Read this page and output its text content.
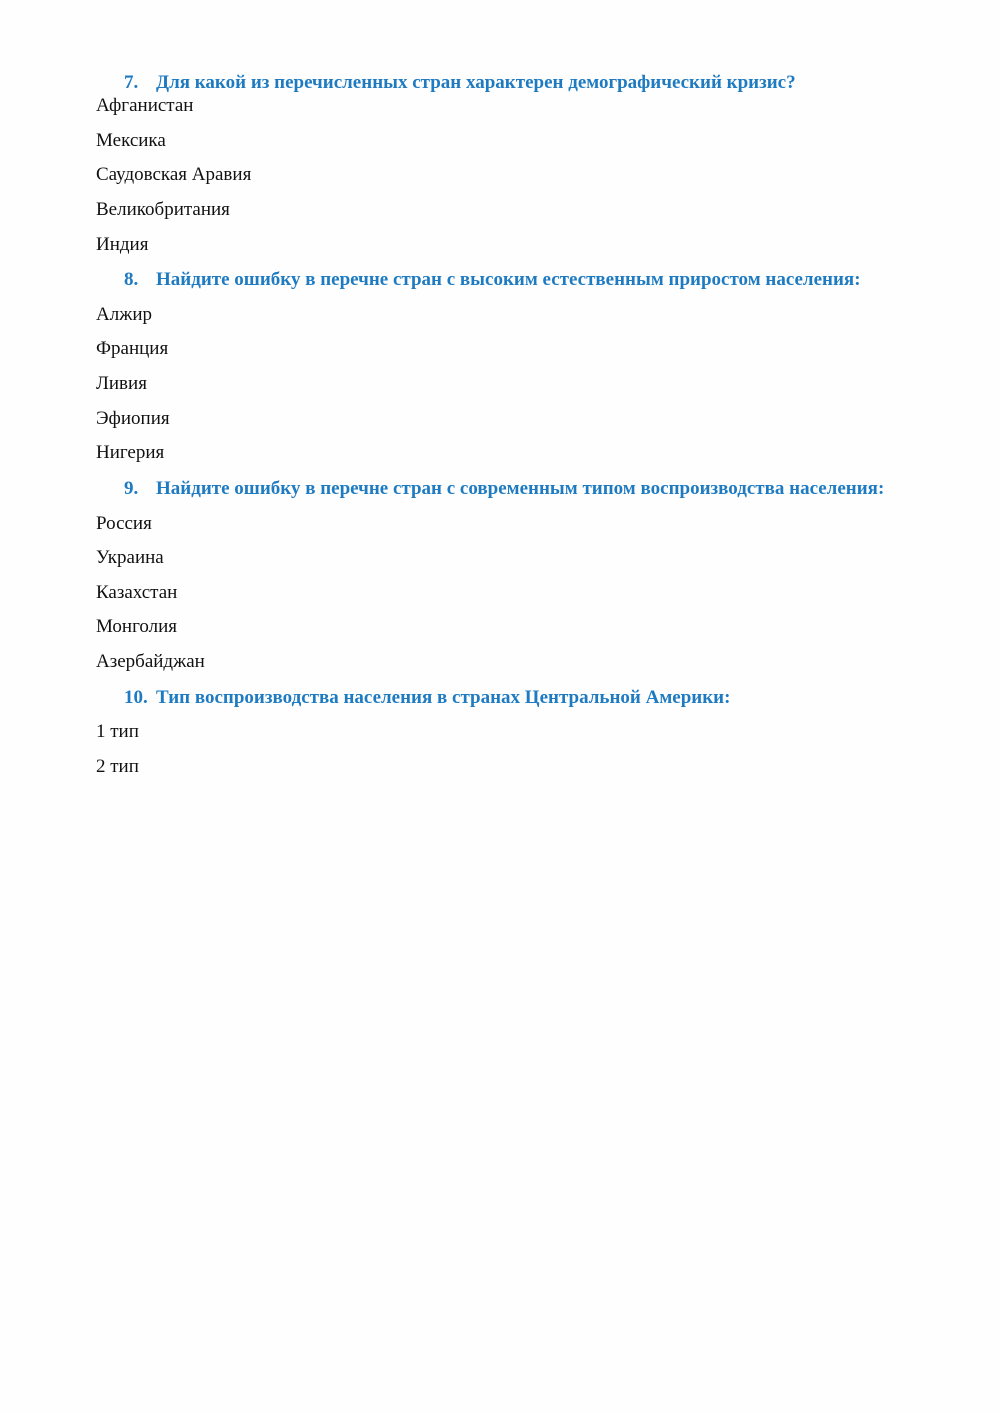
7. Для какой из перечисленных стран характерен демографический кризис?
Афганистан
Мексика
Саудовская Аравия
Великобритания
Индия
8. Найдите ошибку в перечне стран с высоким естественным приростом населения:
Алжир
Франция
Ливия
Эфиопия
Нигерия
9. Найдите ошибку в перечне стран с современным типом воспроизводства населения:
Россия
Украина
Казахстан
Монголия
Азербайджан
10. Тип воспроизводства населения в странах Центральной Америки:
1 тип
2 тип
